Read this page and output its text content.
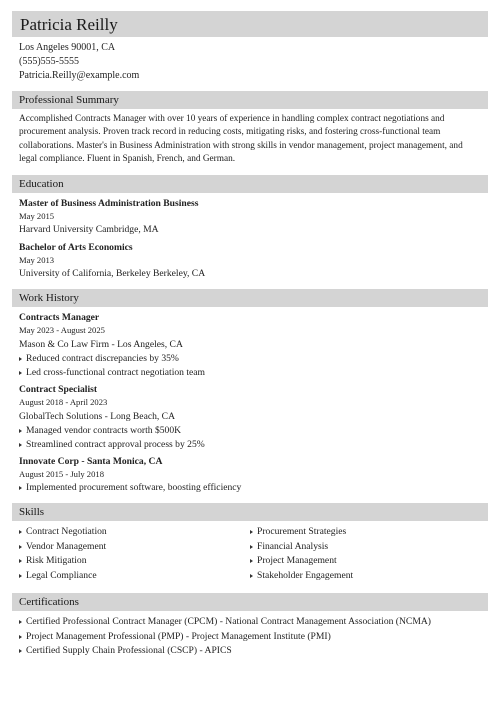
Patricia Reilly
Los Angeles 90001, CA
(555)555-5555
Patricia.Reilly@example.com
Professional Summary

Accomplished Contracts Manager with over 10 years of experience in handling complex contract negotiations and procurement analysis. Proven track record in reducing costs, mitigating risks, and fostering cross-functional team collaborations. Master's in Business Administration with strong skills in vendor management, project management, and legal compliance. Fluent in Spanish, French, and German.

Education
Master of Business Administration Business
May 2015
Harvard University Cambridge, MA
Bachelor of Arts Economics
May 2013
University of California, Berkeley Berkeley, CA
Work History
Contracts Manager
May 2023 - August 2025
Mason & Co Law Firm - Los Angeles, CA
Reduced contract discrepancies by 35%
Led cross-functional contract negotiation team
Contract Specialist
August 2018 - April 2023
GlobalTech Solutions - Long Beach, CA
Managed vendor contracts worth $500K
Streamlined contract approval process by 25%
Innovate Corp - Santa Monica, CA
August 2015 - July 2018
Implemented procurement software, boosting efficiency
Skills
Contract Negotiation
Vendor Management
Risk Mitigation
Legal Compliance
Procurement Strategies
Financial Analysis
Project Management
Stakeholder Engagement
Certifications
Certified Professional Contract Manager (CPCM) - National Contract Management Association (NCMA)
Project Management Professional (PMP) - Project Management Institute (PMI)
Certified Supply Chain Professional (CSCP) - APICS
